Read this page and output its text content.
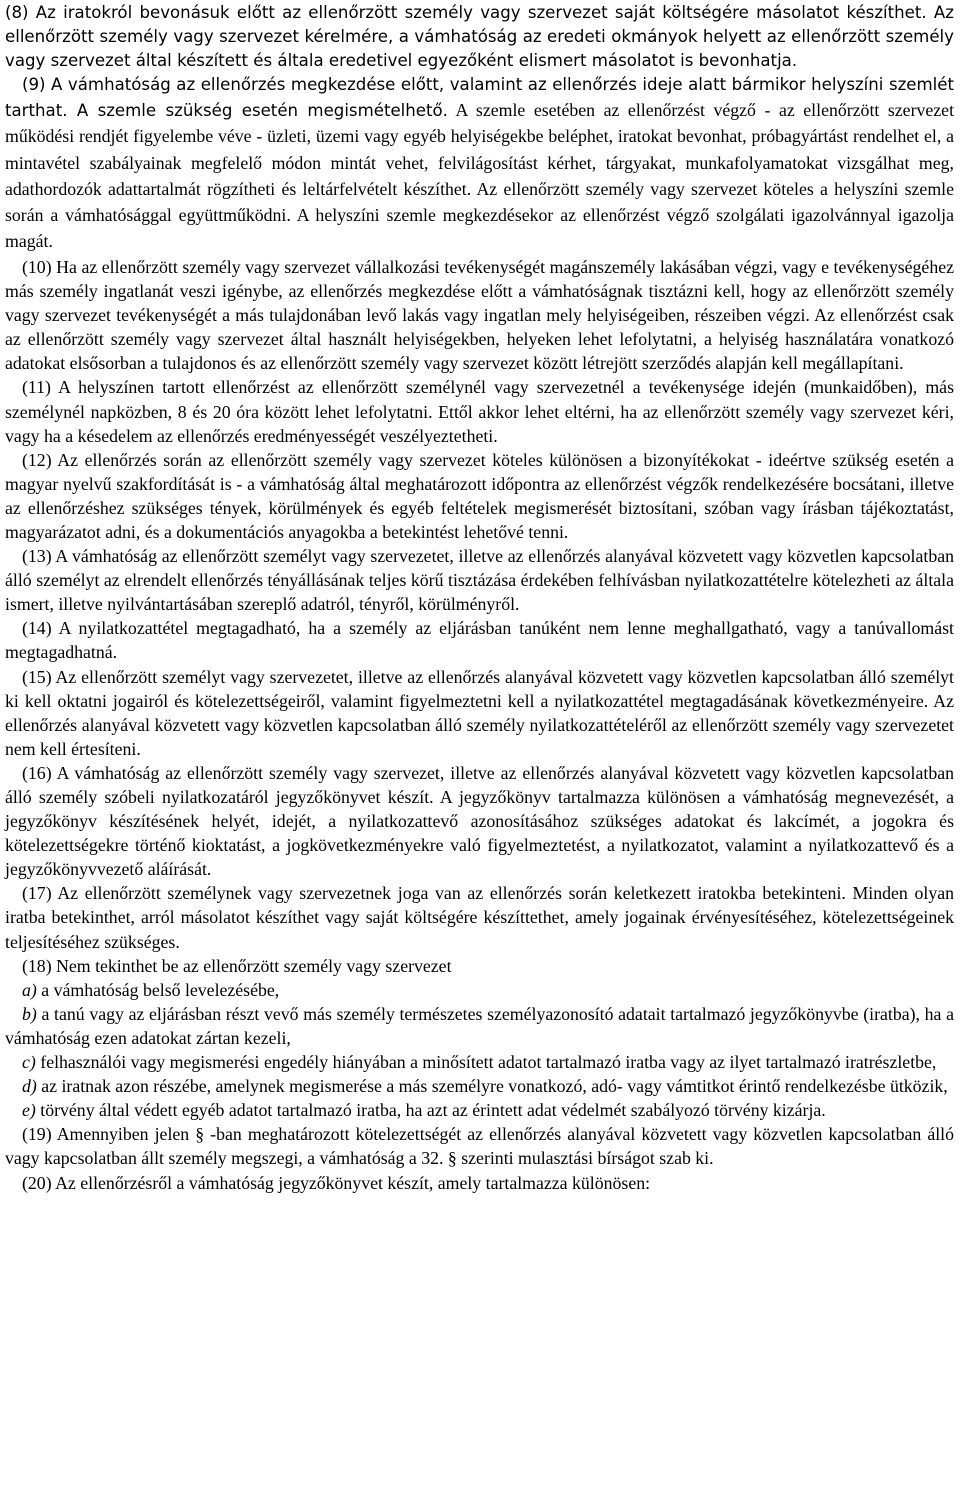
(8) Az iratokról bevonásuk előtt az ellenőrzött személy vagy szervezet saját költségére másolatot készíthet. Az ellenőrzött személy vagy szervezet kérelmére, a vámhatóság az eredeti okmányok helyett az ellenőrzött személy vagy szervezet által készített és általa eredetivel egyezőként elismert másolatot is bevonhatja.

(9) A vámhatóság az ellenőrzés megkezdése előtt, valamint az ellenőrzés ideje alatt bármikor helyszíni szemlét tarthat. A szemle szükség esetén megismételhető. A szemle esetében az ellenőrzést végző - az ellenőrzött szervezet működési rendjét figyelembe véve - üzleti, üzemi vagy egyéb helyiségekbe beléphet, iratokat bevonhat, próbagyártást rendelhet el, a mintavétel szabályainak megfelelő módon mintát vehet, felvilágosítást kérhet, tárgyakat, munkafolyamatokat vizsgálhat meg, adathordozók adattartalmát rögzítheti és leltárfelvételt készíthet. Az ellenőrzött személy vagy szervezet köteles a helyszíni szemle során a vámhatósággal együttműködni. A helyszíni szemle megkezdésekor az ellenőrzést végző szolgálati igazolvánnyal igazolja magát.

(10) Ha az ellenőrzött személy vagy szervezet vállalkozási tevékenységét magánszemély lakásában végzi, vagy e tevékenységéhez más személy ingatlanát veszi igénybe, az ellenőrzés megkezdése előtt a vámhatóságnak tisztázni kell, hogy az ellenőrzött személy vagy szervezet tevékenységét a más tulajdonában levő lakás vagy ingatlan mely helyiségeiben, részeiben végzi. Az ellenőrzést csak az ellenőrzött személy vagy szervezet által használt helyiségekben, helyeken lehet lefolytatni, a helyiség használatára vonatkozó adatokat elsősorban a tulajdonos és az ellenőrzött személy vagy szervezet között létrejött szerződés alapján kell megállapítani.

(11) A helyszínen tartott ellenőrzést az ellenőrzött személynél vagy szervezetnél a tevékenysége idején (munkaidőben), más személynél napközben, 8 és 20 óra között lehet lefolytatni. Ettől akkor lehet eltérni, ha az ellenőrzött személy vagy szervezet kéri, vagy ha a késedelem az ellenőrzés eredményességét veszélyeztetheti.

(12) Az ellenőrzés során az ellenőrzött személy vagy szervezet köteles különösen a bizonyítékokat - ideértve szükség esetén a magyar nyelvű szakfordítását is - a vámhatóság által meghatározott időpontra az ellenőrzést végzők rendelkezésére bocsátani, illetve az ellenőrzéshez szükséges tények, körülmények és egyéb feltételek megismerését biztosítani, szóban vagy írásban tájékoztatást, magyarázatot adni, és a dokumentációs anyagokba a betekintést lehetővé tenni.

(13) A vámhatóság az ellenőrzött személyt vagy szervezetet, illetve az ellenőrzés alanyával közvetett vagy közvetlen kapcsolatban álló személyt az elrendelt ellenőrzés tényállásának teljes körű tisztázása érdekében felhívásban nyilatkozattételre kötelezheti az általa ismert, illetve nyilvántartásában szereplő adatról, tényről, körülményről.

(14) A nyilatkozattétel megtagadható, ha a személy az eljárásban tanúként nem lenne meghallgatható, vagy a tanúvallomást megtagadhatná.

(15) Az ellenőrzött személyt vagy szervezetet, illetve az ellenőrzés alanyával közvetett vagy közvetlen kapcsolatban álló személyt ki kell oktatni jogairól és kötelezettségeiről, valamint figyelmeztetni kell a nyilatkozattétel megtagadásának következményeire. Az ellenőrzés alanyával közvetett vagy közvetlen kapcsolatban álló személy nyilatkozattételéről az ellenőrzött személy vagy szervezetet nem kell értesíteni.

(16) A vámhatóság az ellenőrzött személy vagy szervezet, illetve az ellenőrzés alanyával közvetett vagy közvetlen kapcsolatban álló személy szóbeli nyilatkozatáról jegyzőkönyvet készít. A jegyzőkönyv tartalmazza különösen a vámhatóság megnevezését, a jegyzőkönyv készítésének helyét, idejét, a nyilatkozattevő azonosításához szükséges adatokat és lakcímét, a jogokra és kötelezettségekre történő kioktatást, a jogkövetkezményekre való figyelmeztetést, a nyilatkozatot, valamint a nyilatkozattevő és a jegyzőkönyvvezető aláírását.

(17) Az ellenőrzött személynek vagy szervezetnek joga van az ellenőrzés során keletkezett iratokba betekinteni. Minden olyan iratba betekinthet, arról másolatot készíthet vagy saját költségére készíttethet, amely jogainak érvényesítéséhez, kötelezettségeinek teljesítéséhez szükséges.

(18) Nem tekinthet be az ellenőrzött személy vagy szervezet

a) a vámhatóság belső levelezésébe,

b) a tanú vagy az eljárásban részt vevő más személy természetes személyazonosító adatait tartalmazó jegyzőkönyvbe (iratba), ha a vámhatóság ezen adatokat zártan kezeli,

c) felhasználói vagy megismerési engedély hiányában a minősített adatot tartalmazó iratba vagy az ilyet tartalmazó iratrészletbe,

d) az iratnak azon részébe, amelynek megismerése a más személyre vonatkozó, adó- vagy vámtitkot érintő rendelkezésbe ütközik,

e) törvény által védett egyéb adatot tartalmazó iratba, ha azt az érintett adat védelmét szabályozó törvény kizárja.

(19) Amennyiben jelen § -ban meghatározott kötelezettségét az ellenőrzés alanyával közvetett vagy közvetlen kapcsolatban álló vagy kapcsolatban állt személy megszegi, a vámhatóság a 32. § szerinti mulasztási bírságot szab ki.

(20) Az ellenőrzésről a vámhatóság jegyzőkönyvet készít, amely tartalmazza különösen:
